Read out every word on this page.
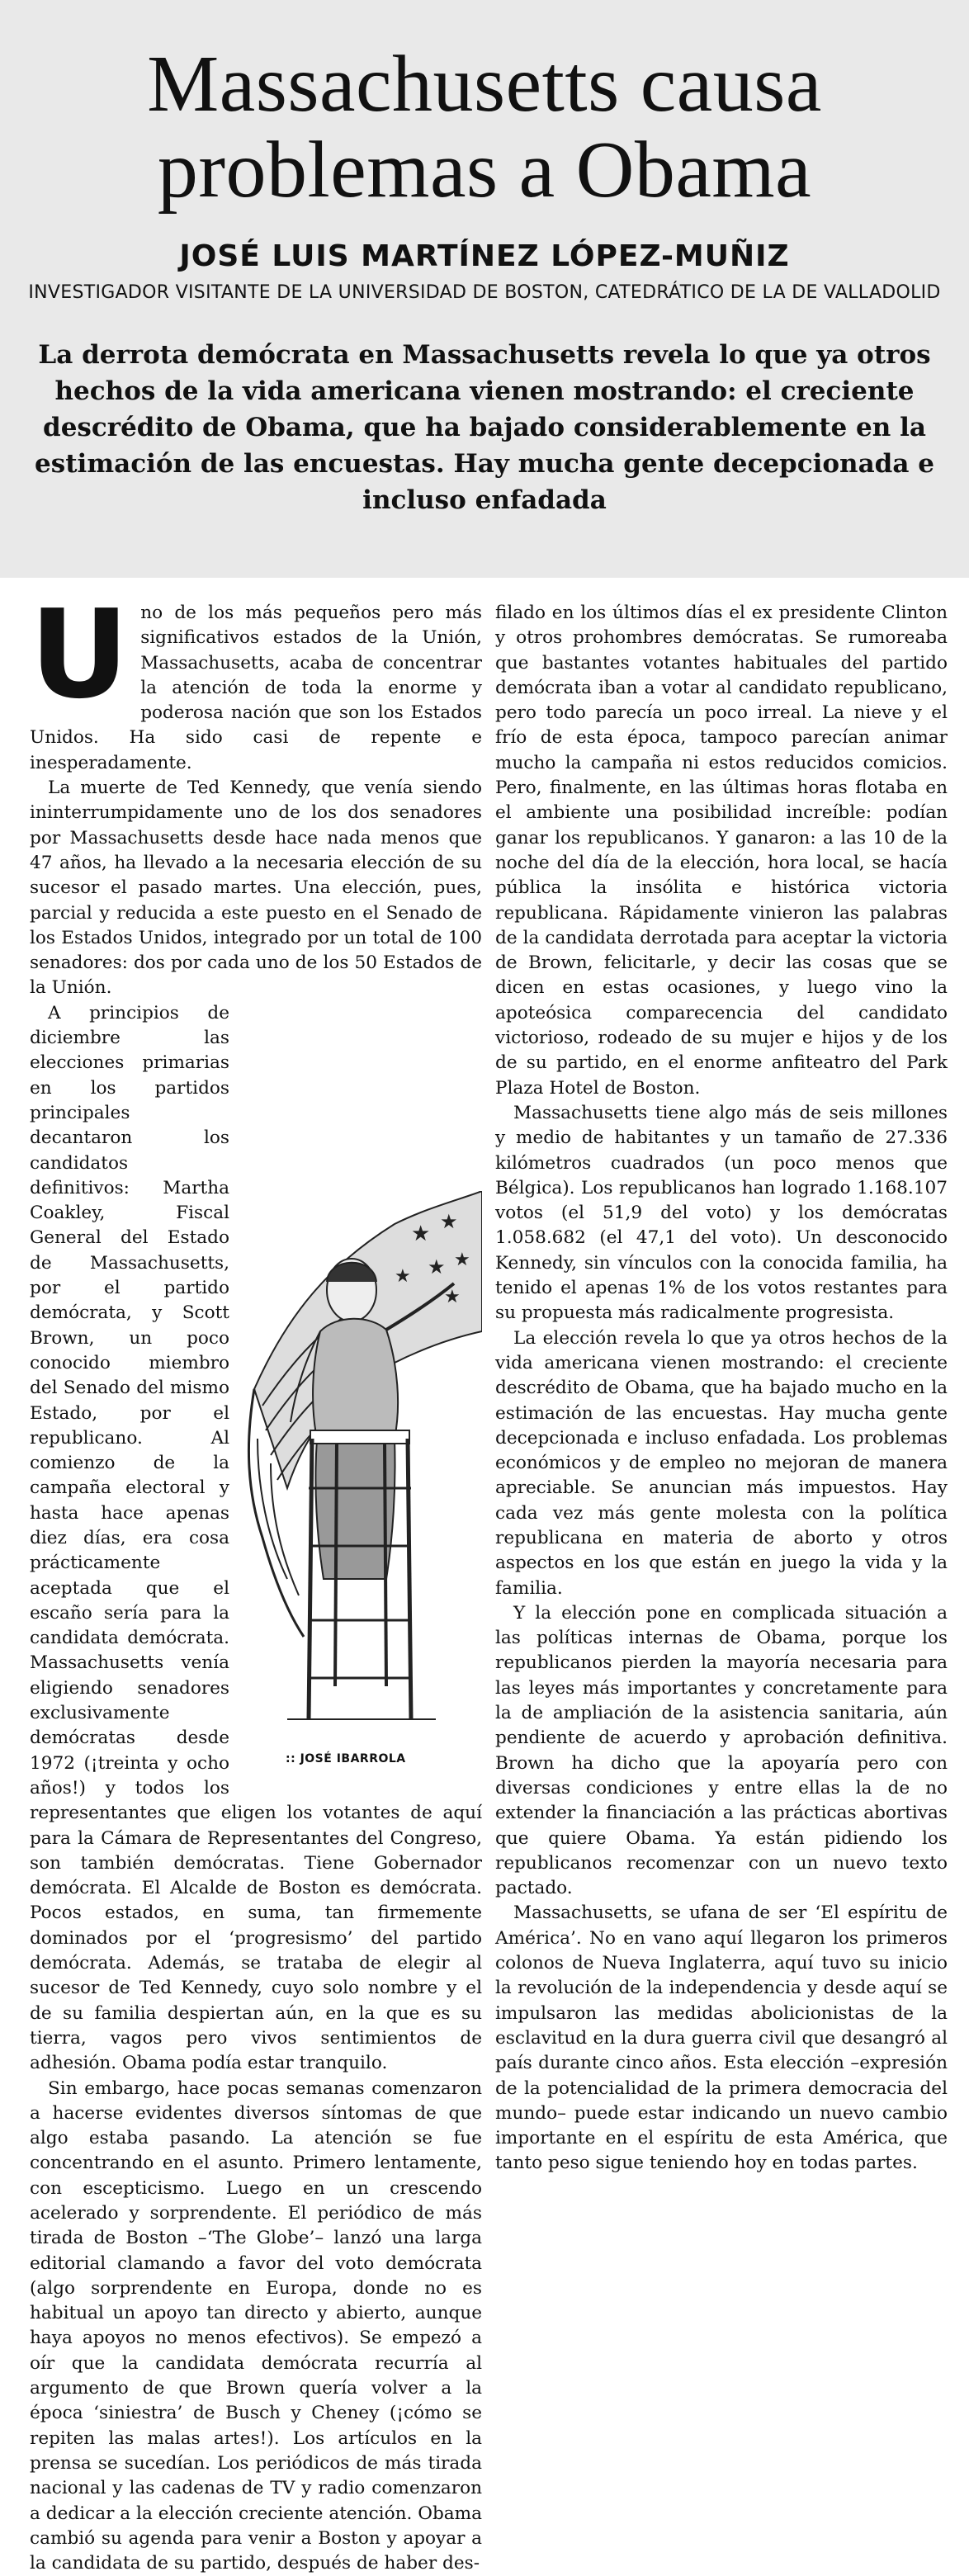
Massachusetts causa problemas a Obama
JOSÉ LUIS MARTÍNEZ LÓPEZ-MUÑIZ
INVESTIGADOR VISITANTE DE LA UNIVERSIDAD DE BOSTON, CATEDRÁTICO DE LA DE VALLADOLID
La derrota demócrata en Massachusetts revela lo que ya otros hechos de la vida americana vienen mostrando: el creciente descrédito de Obama, que ha bajado considerablemente en la estimación de las encuestas. Hay mucha gente decepcionada e incluso enfadada
U no de los más pequeños pero más significativos estados de la Unión, Massachusetts, acaba de concentrar la atención de toda la enorme y poderosa nación que son los Estados Unidos. Ha sido casi de repente e inesperadamente.

La muerte de Ted Kennedy, que venía siendo ininterrumpidamente uno de los dos senadores por Massachusetts desde hace nada menos que 47 años, ha llevado a la necesaria elección de su sucesor el pasado martes. Una elección, pues, parcial y reducida a este puesto en el Senado de los Estados Unidos, integrado por un total de 100 senadores: dos por cada uno de los 50 Estados de la Unión.

★ ★
★ ★
★
★
:: JOSÉ IBARROLA
A principios de diciembre las elecciones primarias en los partidos principales decantaron los candidatos definitivos: Martha Coakley, Fiscal General del Estado de Massachusetts, por el partido demócrata, y Scott Brown, un poco conocido miembro del Senado del mismo Estado, por el republicano. Al comienzo de la campaña electoral y hasta hace apenas diez días, era cosa prácticamente aceptada que el escaño sería para la candidata demócrata. Massachusetts venía eligiendo senadores exclusivamente demócratas desde 1972 (¡treinta y ocho años!) y todos los representantes que eligen los votantes de aquí para la Cámara de Representantes del Congreso, son también demócratas. Tiene Gobernador demócrata. El Alcalde de Boston es demócrata. Pocos estados, en suma, tan firmemente dominados por el ‘progresismo’ del partido demócrata. Además, se trataba de elegir al sucesor de Ted Kennedy, cuyo solo nombre y el de su familia despiertan aún, en la que es su tierra, vagos pero vivos sentimientos de adhesión. Obama podía estar tranquilo.

Sin embargo, hace pocas semanas comenzaron a hacerse evidentes diversos síntomas de que algo estaba pasando. La atención se fue concentrando en el asunto. Primero lentamente, con escepticismo. Luego en un crescendo acelerado y sorprendente. El periódico de más tirada de Boston –‘The Globe’– lanzó una larga editorial clamando a favor del voto demócrata (algo sorprendente en Europa, donde no es habitual un apoyo tan directo y abierto, aunque haya apoyos no menos efectivos). Se empezó a oír que la candidata demócrata recurría al argumento de que Brown quería volver a la época ‘siniestra’ de Busch y Cheney (¡cómo se repiten las malas artes!). Los artículos en la prensa se sucedían. Los periódicos de más tirada nacional y las cadenas de TV y radio comenzaron a dedicar a la elección creciente atención. Obama cambió su agenda para venir a Boston y apoyar a la candidata de su partido, después de haber des-

filado en los últimos días el ex presidente Clinton y otros prohombres demócratas. Se rumoreaba que bastantes votantes habituales del partido demócrata iban a votar al candidato republicano, pero todo parecía un poco irreal. La nieve y el frío de esta época, tampoco parecían animar mucho la campaña ni estos reducidos comicios. Pero, finalmente, en las últimas horas flotaba en el ambiente una posibilidad increíble: podían ganar los republicanos. Y ganaron: a las 10 de la noche del día de la elección, hora local, se hacía pública la insólita e histórica victoria republicana. Rápidamente vinieron las palabras de la candidata derrotada para aceptar la victoria de Brown, felicitarle, y decir las cosas que se dicen en estas ocasiones, y luego vino la apoteósica comparecencia del candidato victorioso, rodeado de su mujer e hijos y de los de su partido, en el enorme anfiteatro del Park Plaza Hotel de Boston.

Massachusetts tiene algo más de seis millones y medio de habitantes y un tamaño de 27.336 kilómetros cuadrados (un poco menos que Bélgica). Los republicanos han logrado 1.168.107 votos (el 51,9 del voto) y los demócratas 1.058.682 (el 47,1 del voto). Un desconocido Kennedy, sin vínculos con la conocida familia, ha tenido el apenas 1% de los votos restantes para su propuesta más radicalmente progresista.

La elección revela lo que ya otros hechos de la vida americana vienen mostrando: el creciente descrédito de Obama, que ha bajado mucho en la estimación de las encuestas. Hay mucha gente decepcionada e incluso enfadada. Los problemas económicos y de empleo no mejoran de manera apreciable. Se anuncian más impuestos. Hay cada vez más gente molesta con la política republicana en materia de aborto y otros aspectos en los que están en juego la vida y la familia.

Y la elección pone en complicada situación a las políticas internas de Obama, porque los republicanos pierden la mayoría necesaria para las leyes más importantes y concretamente para la de ampliación de la asistencia sanitaria, aún pendiente de acuerdo y aprobación definitiva. Brown ha dicho que la apoyaría pero con diversas condiciones y entre ellas la de no extender la financiación a las prácticas abortivas que quiere Obama. Ya están pidiendo los republicanos recomenzar con un nuevo texto pactado.

Massachusetts, se ufana de ser ‘El espíritu de América’. No en vano aquí llegaron los primeros colonos de Nueva Inglaterra, aquí tuvo su inicio la revolución de la independencia y desde aquí se impulsaron las medidas abolicionistas de la esclavitud en la dura guerra civil que desangró al país durante cinco años. Esta elección –expresión de la potencialidad de la primera democracia del mundo– puede estar indicando un nuevo cambio importante en el espíritu de esta América, que tanto peso sigue teniendo hoy en todas partes.
